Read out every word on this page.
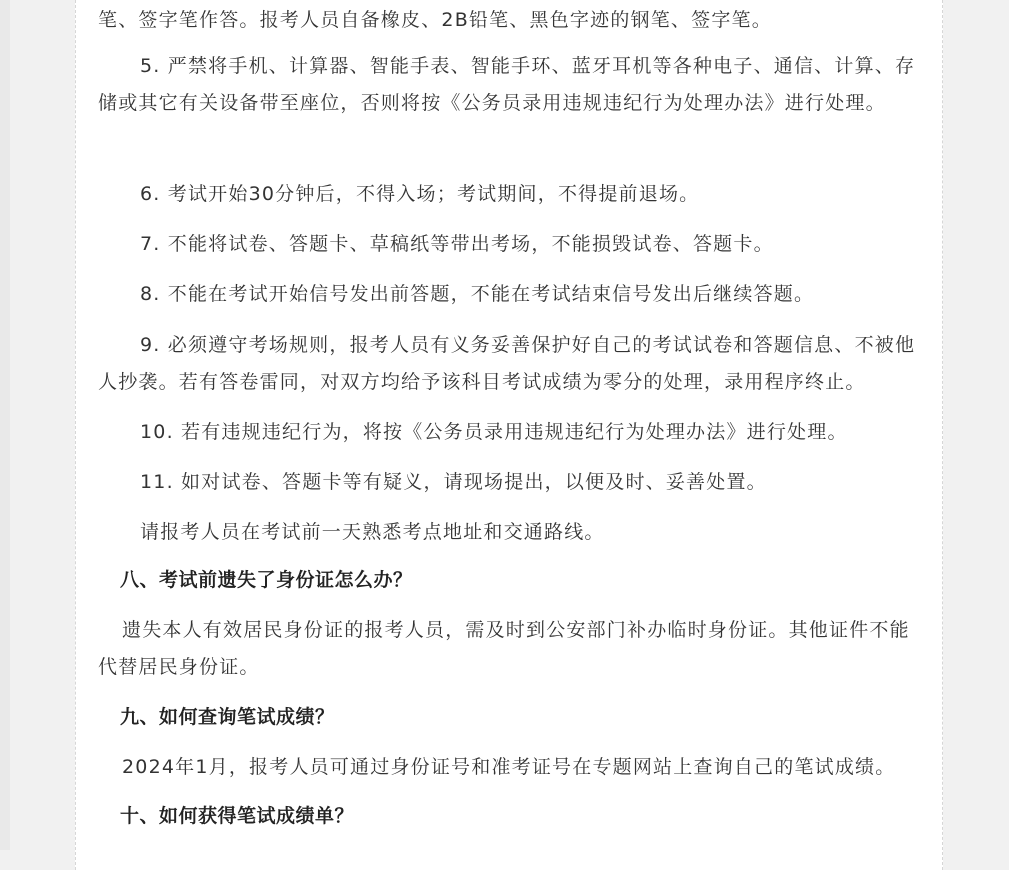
笔、签字笔作答。报考人员自备橡皮、2B铅笔、黑色字迹的钢笔、签字笔。

5. 严禁将手机、计算器、智能手表、智能手环、蓝牙耳机等各种电子、通信、计算、存储或其它有关设备带至座位，否则将按《公务员录用违规违纪行为处理办法》进行处理。

6. 考试开始30分钟后，不得入场；考试期间，不得提前退场。

7. 不能将试卷、答题卡、草稿纸等带出考场，不能损毁试卷、答题卡。

8. 不能在考试开始信号发出前答题，不能在考试结束信号发出后继续答题。

9. 必须遵守考场规则，报考人员有义务妥善保护好自己的考试试卷和答题信息、不被他人抄袭。若有答卷雷同，对双方均给予该科目考试成绩为零分的处理，录用程序终止。

10. 若有违规违纪行为，将按《公务员录用违规违纪行为处理办法》进行处理。

11. 如对试卷、答题卡等有疑义，请现场提出，以便及时、妥善处置。

请报考人员在考试前一天熟悉考点地址和交通路线。

八、考试前遗失了身份证怎么办？

遗失本人有效居民身份证的报考人员，需及时到公安部门补办临时身份证。其他证件不能代替居民身份证。

九、如何查询笔试成绩？

2024年1月，报考人员可通过身份证号和准考证号在专题网站上查询自己的笔试成绩。

十、如何获得笔试成绩单？
